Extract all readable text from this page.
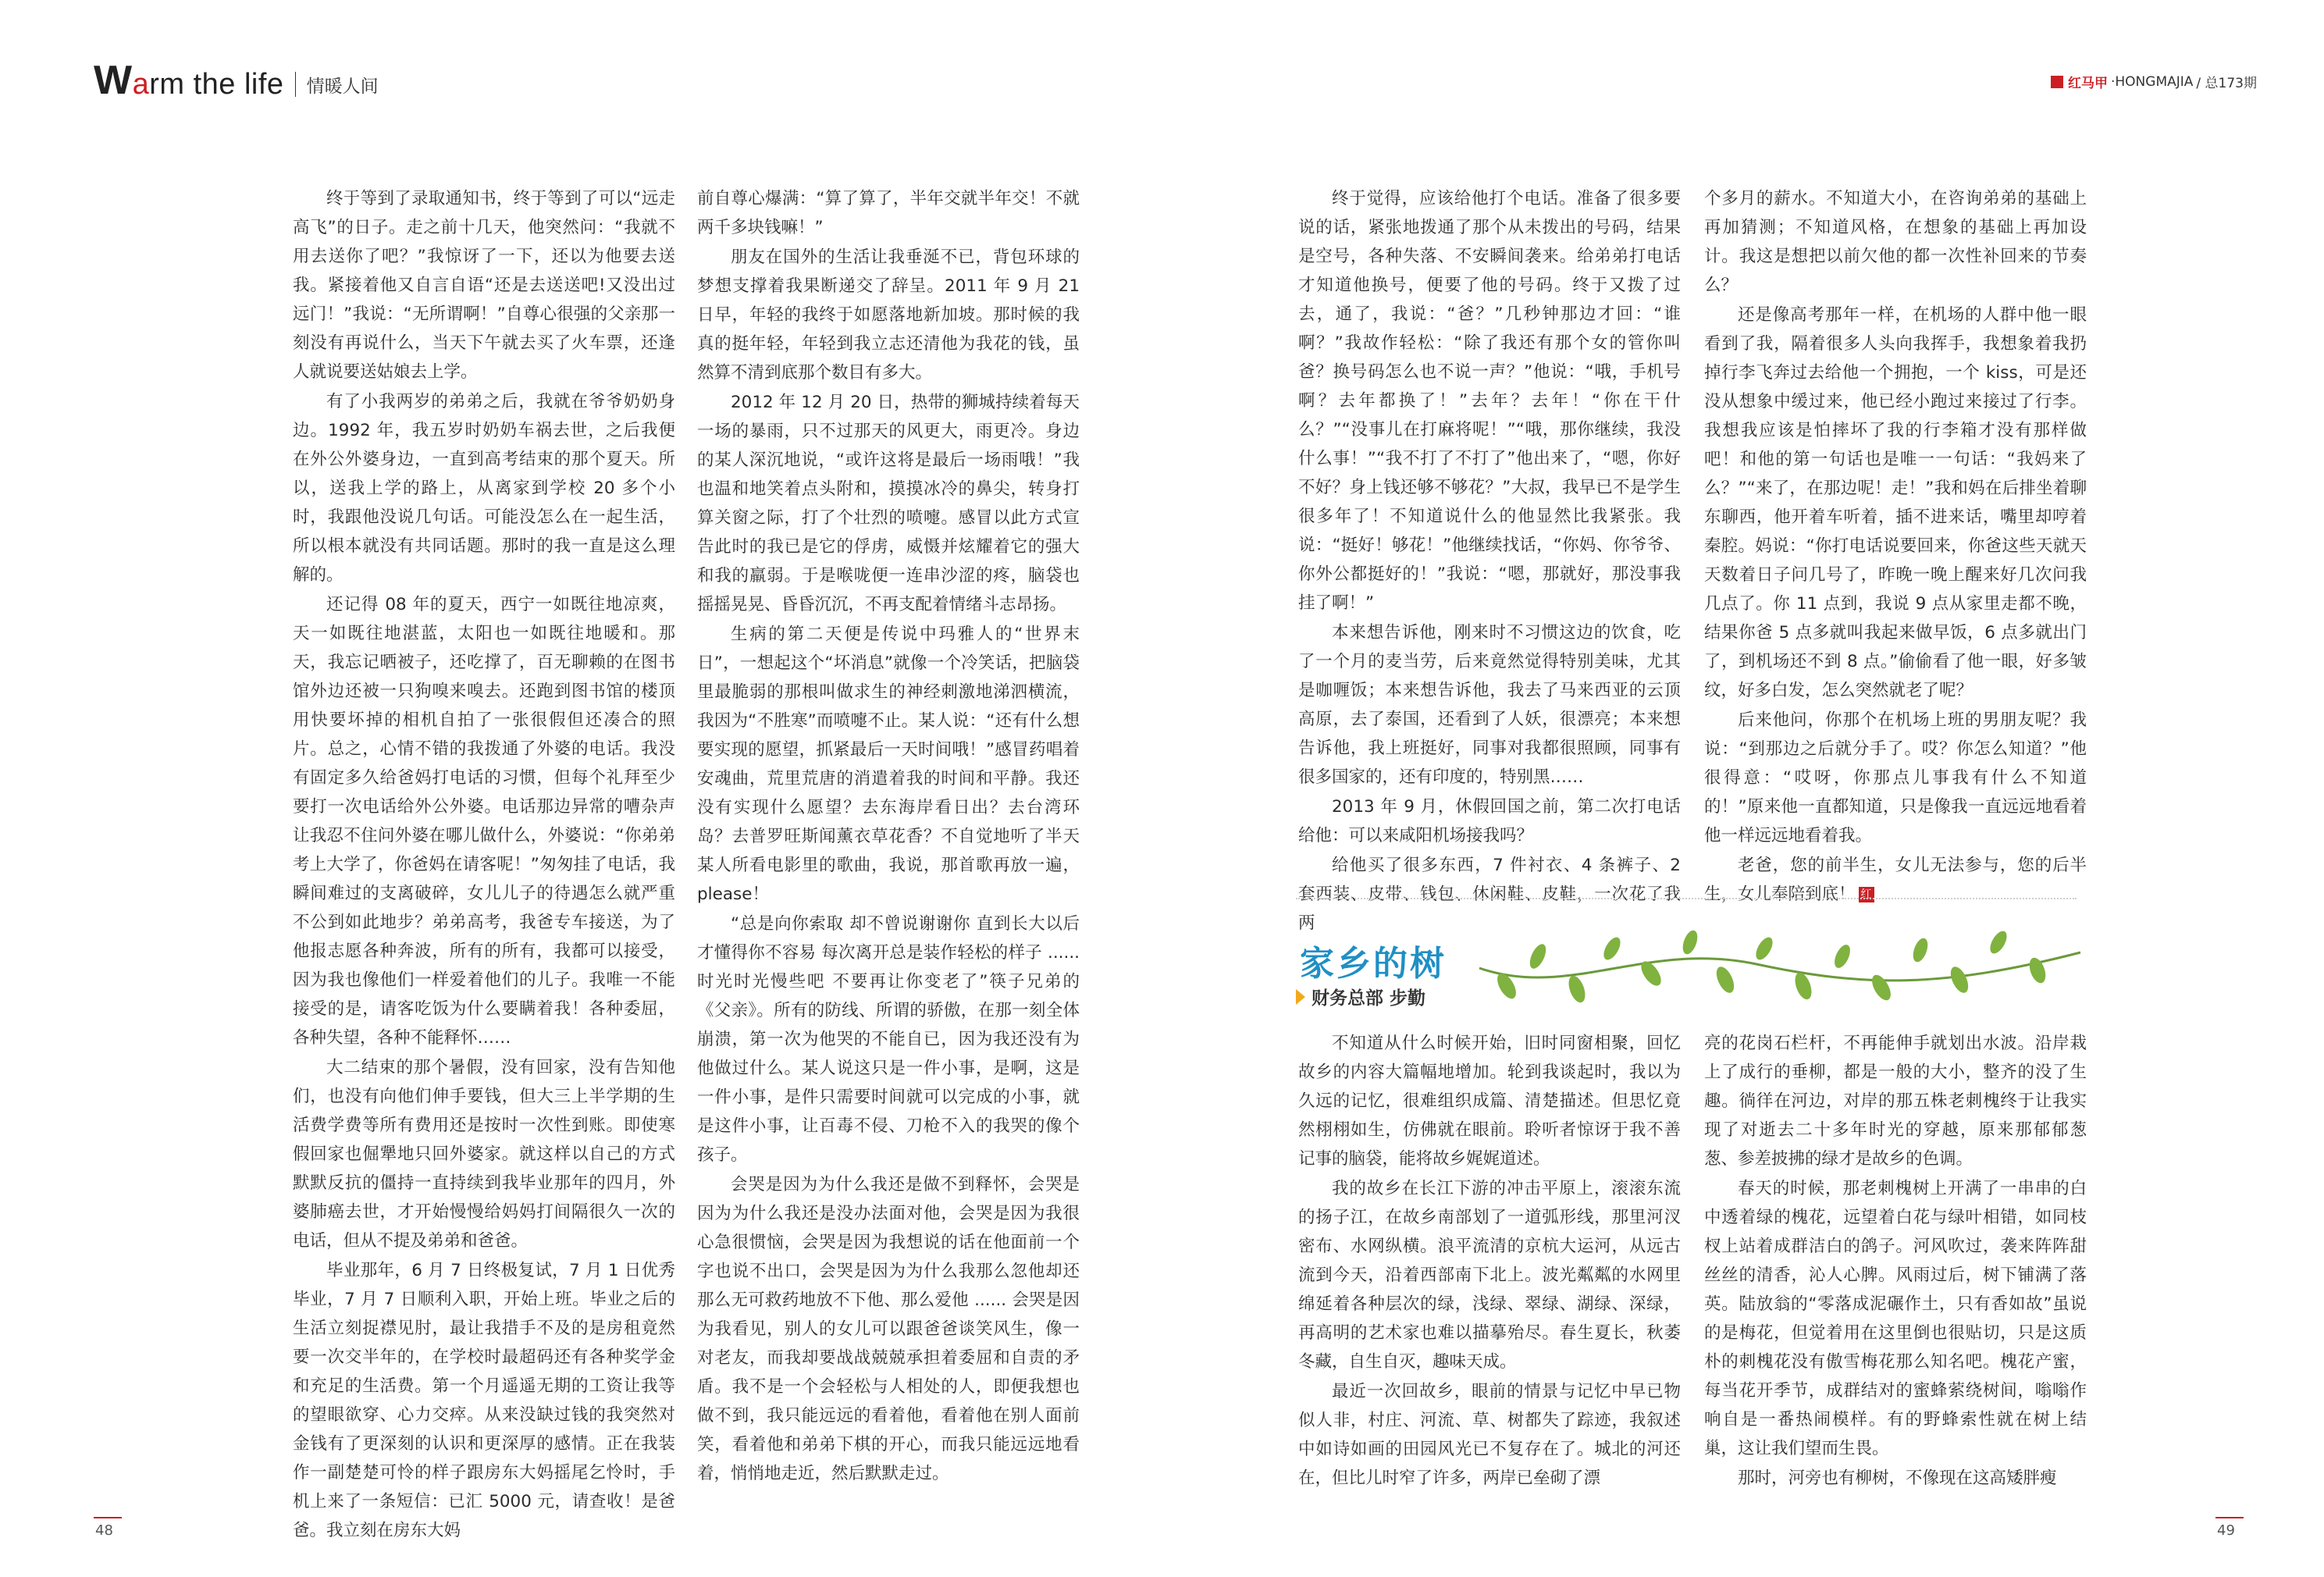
Warm the life 情暖人间	红马甲 ·HONGMAJIA / 总173期

终于等到了录取通知书，终于等到了可以“远走高飞”的日子。走之前十几天，他突然问：“我就不用去送你了吧？”我惊讶了一下，还以为他要去送我。紧接着他又自言自语“还是去送送吧!又没出过远门！”我说：“无所谓啊！”自尊心很强的父亲那一刻没有再说什么，当天下午就去买了火车票，还逢人就说要送姑娘去上学。

有了小我两岁的弟弟之后，我就在爷爷奶奶身边。1992 年，我五岁时奶奶车祸去世，之后我便在外公外婆身边，一直到高考结束的那个夏天。所以，送我上学的路上，从离家到学校 20 多个小时，我跟他没说几句话。可能没怎么在一起生活，所以根本就没有共同话题。那时的我一直是这么理解的。

还记得 08 年的夏天，西宁一如既往地凉爽，天一如既往地湛蓝，太阳也一如既往地暖和。那天，我忘记晒被子，还吃撑了，百无聊赖的在图书馆外边还被一只狗嗅来嗅去。还跑到图书馆的楼顶用快要坏掉的相机自拍了一张很假但还凑合的照片。总之，心情不错的我拨通了外婆的电话。我没有固定多久给爸妈打电话的习惯，但每个礼拜至少要打一次电话给外公外婆。电话那边异常的嘈杂声让我忍不住问外婆在哪儿做什么，外婆说：“你弟弟考上大学了，你爸妈在请客呢！”匆匆挂了电话，我瞬间难过的支离破碎，女儿儿子的待遇怎么就严重不公到如此地步？弟弟高考，我爸专车接送，为了他报志愿各种奔波，所有的所有，我都可以接受，因为我也像他们一样爱着他们的儿子。我唯一不能接受的是，请客吃饭为什么要瞒着我！各种委屈，各种失望，各种不能释怀……

大二结束的那个暑假，没有回家，没有告知他们，也没有向他们伸手要钱，但大三上半学期的生活费学费等所有费用还是按时一次性到账。即使寒假回家也倔犟地只回外婆家。就这样以自己的方式默默反抗的僵持一直持续到我毕业那年的四月，外婆肺癌去世，才开始慢慢给妈妈打间隔很久一次的电话，但从不提及弟弟和爸爸。

毕业那年，6 月 7 日终极复试，7 月 1 日优秀毕业，7 月 7 日顺利入职，开始上班。毕业之后的生活立刻捉襟见肘，最让我措手不及的是房租竟然要一次交半年的，在学校时最超码还有各种奖学金和充足的生活费。第一个月遥遥无期的工资让我等的望眼欲穿、心力交瘁。从来没缺过钱的我突然对金钱有了更深刻的认识和更深厚的感情。正在我装作一副楚楚可怜的样子跟房东大妈摇尾乞怜时，手机上来了一条短信：已汇 5000 元，请查收！是爸爸。我立刻在房东大妈

前自尊心爆满：“算了算了，半年交就半年交！不就两千多块钱嘛！”

朋友在国外的生活让我垂涎不已，背包环球的梦想支撑着我果断递交了辞呈。2011 年 9 月 21 日早，年轻的我终于如愿落地新加坡。那时候的我真的挺年轻，年轻到我立志还清他为我花的钱，虽然算不清到底那个数目有多大。

2012 年 12 月 20 日，热带的狮城持续着每天一场的暴雨，只不过那天的风更大，雨更冷。身边的某人深沉地说，“或许这将是最后一场雨哦！”我也温和地笑着点头附和，摸摸冰冷的鼻尖，转身打算关窗之际，打了个壮烈的喷嚏。感冒以此方式宣告此时的我已是它的俘虏，威慑并炫耀着它的强大和我的羸弱。于是喉咙便一连串沙涩的疼，脑袋也摇摇晃晃、昏昏沉沉，不再支配着情绪斗志昂扬。

生病的第二天便是传说中玛雅人的“世界末日”，一想起这个“坏消息”就像一个冷笑话，把脑袋里最脆弱的那根叫做求生的神经刺激地涕泗横流，我因为“不胜寒”而喷嚏不止。某人说：“还有什么想要实现的愿望，抓紧最后一天时间哦！”感冒药唱着安魂曲，荒里荒唐的消遣着我的时间和平静。我还没有实现什么愿望？去东海岸看日出？去台湾环岛？去普罗旺斯闻薰衣草花香？不自觉地听了半天某人所看电影里的歌曲，我说，那首歌再放一遍，please！

“总是向你索取 却不曾说谢谢你 直到长大以后 才懂得你不容易 每次离开总是装作轻松的样子 ...... 时光时光慢些吧 不要再让你变老了”筷子兄弟的《父亲》。所有的防线、所谓的骄傲，在那一刻全体崩溃，第一次为他哭的不能自已，因为我还没有为他做过什么。某人说这只是一件小事，是啊，这是一件小事，是件只需要时间就可以完成的小事，就是这件小事，让百毒不侵、刀枪不入的我哭的像个孩子。

会哭是因为为什么我还是做不到释怀，会哭是因为为什么我还是没办法面对他，会哭是因为我很心急很惯恼，会哭是因为我想说的话在他面前一个字也说不出口，会哭是因为为什么我那么忽他却还那么无可救药地放不下他、那么爱他 ...... 会哭是因为我看见，别人的女儿可以跟爸爸谈笑风生，像一对老友，而我却要战战兢兢承担着委屈和自责的矛盾。我不是一个会轻松与人相处的人，即便我想也做不到，我只能远远的看着他，看着他在别人面前笑，看着他和弟弟下棋的开心，而我只能远远地看着，悄悄地走近，然后默默走过。

终于觉得，应该给他打个电话。准备了很多要说的话，紧张地拨通了那个从未拨出的号码，结果是空号，各种失落、不安瞬间袭来。给弟弟打电话才知道他换号，便要了他的号码。终于又拨了过去，通了，我说：“爸？”几秒钟那边才回：“谁啊？”我故作轻松：“除了我还有那个女的管你叫爸？换号码怎么也不说一声？”他说：“哦，手机号啊？去年都换了！”去年？去年！“你在干什么？”“没事儿在打麻将呢！”“哦，那你继续，我没什么事！”“我不打了不打了”他出来了，“嗯，你好不好？身上钱还够不够花？”大叔，我早已不是学生很多年了！不知道说什么的他显然比我紧张。我说：“挺好！够花！”他继续找话，“你妈、你爷爷、你外公都挺好的！”我说：“嗯，那就好，那没事我挂了啊！”

本来想告诉他，刚来时不习惯这边的饮食，吃了一个月的麦当劳，后来竟然觉得特别美味，尤其是咖喱饭；本来想告诉他，我去了马来西亚的云顶高原，去了泰国，还看到了人妖，很漂亮；本来想告诉他，我上班挺好，同事对我都很照顾，同事有很多国家的，还有印度的，特别黑……

2013 年 9 月，休假回国之前，第二次打电话给他：可以来咸阳机场接我吗？

给他买了很多东西，7 件衬衣、4 条裤子、2 套西装、皮带、钱包、休闲鞋、皮鞋，一次花了我两

个多月的薪水。不知道大小，在咨询弟弟的基础上再加猜测；不知道风格，在想象的基础上再加设计。我这是想把以前欠他的都一次性补回来的节奏么？

还是像高考那年一样，在机场的人群中他一眼看到了我，隔着很多人头向我挥手，我想象着我扔掉行李飞奔过去给他一个拥抱，一个 kiss，可是还没从想象中缓过来，他已经小跑过来接过了行李。我想我应该是怕摔坏了我的行李箱才没有那样做吧！和他的第一句话也是唯一一句话：“我妈来了么？”“来了，在那边呢！走！”我和妈在后排坐着聊东聊西，他开着车听着，插不进来话，嘴里却哼着秦腔。妈说：“你打电话说要回来，你爸这些天就天天数着日子问几号了，昨晚一晚上醒来好几次问我几点了。你 11 点到，我说 9 点从家里走都不晚，结果你爸 5 点多就叫我起来做早饭，6 点多就出门了，到机场还不到 8 点。”偷偷看了他一眼，好多皱纹，好多白发，怎么突然就老了呢？

后来他问，你那个在机场上班的男朋友呢？我说：“到那边之后就分手了。哎？你怎么知道？”他很得意：“哎呀，你那点儿事我有什么不知道的！”原来他一直都知道，只是像我一直远远地看着他一样远远地看着我。

老爸，您的前半生，女儿无法参与，您的后半生，女儿奉陪到底！ 红

家乡的树
财务总部 步勤

不知道从什么时候开始，旧时同窗相聚，回忆故乡的内容大篇幅地增加。轮到我谈起时，我以为久远的记忆，很难组织成篇、清楚描述。但思忆竟然栩栩如生，仿佛就在眼前。聆听者惊讶于我不善记事的脑袋，能将故乡娓娓道述。

我的故乡在长江下游的冲击平原上，滚滚东流的扬子江，在故乡南部划了一道弧形线，那里河汊密布、水网纵横。浪平流清的京杭大运河，从远古流到今天，沿着西部南下北上。波光粼粼的水网里绵延着各种层次的绿，浅绿、翠绿、湖绿、深绿，再高明的艺术家也难以描摹殆尽。春生夏长，秋萎冬藏，自生自灭，趣味天成。

最近一次回故乡，眼前的情景与记忆中早已物似人非，村庄、河流、草、树都失了踪迹，我叙述中如诗如画的田园风光已不复存在了。城北的河还在，但比儿时窄了许多，两岸已垒砌了漂

亮的花岗石栏杆，不再能伸手就划出水波。沿岸栽上了成行的垂柳，都是一般的大小，整齐的没了生趣。徜徉在河边，对岸的那五株老刺槐终于让我实现了对逝去二十多年时光的穿越，原来那郁郁葱葱、参差披拂的绿才是故乡的色调。

春天的时候，那老刺槐树上开满了一串串的白中透着绿的槐花，远望着白花与绿叶相错，如同枝杈上站着成群洁白的鸽子。河风吹过，袭来阵阵甜丝丝的清香，沁人心脾。风雨过后，树下铺满了落英。陆放翁的“零落成泥碾作土，只有香如故”虽说的是梅花，但觉着用在这里倒也很贴切，只是这质朴的刺槐花没有傲雪梅花那么知名吧。槐花产蜜，每当花开季节，成群结对的蜜蜂萦绕树间，嗡嗡作响自是一番热闹模样。有的野蜂索性就在树上结巢，这让我们望而生畏。

那时，河旁也有柳树，不像现在这高矮胖瘦

48	49
